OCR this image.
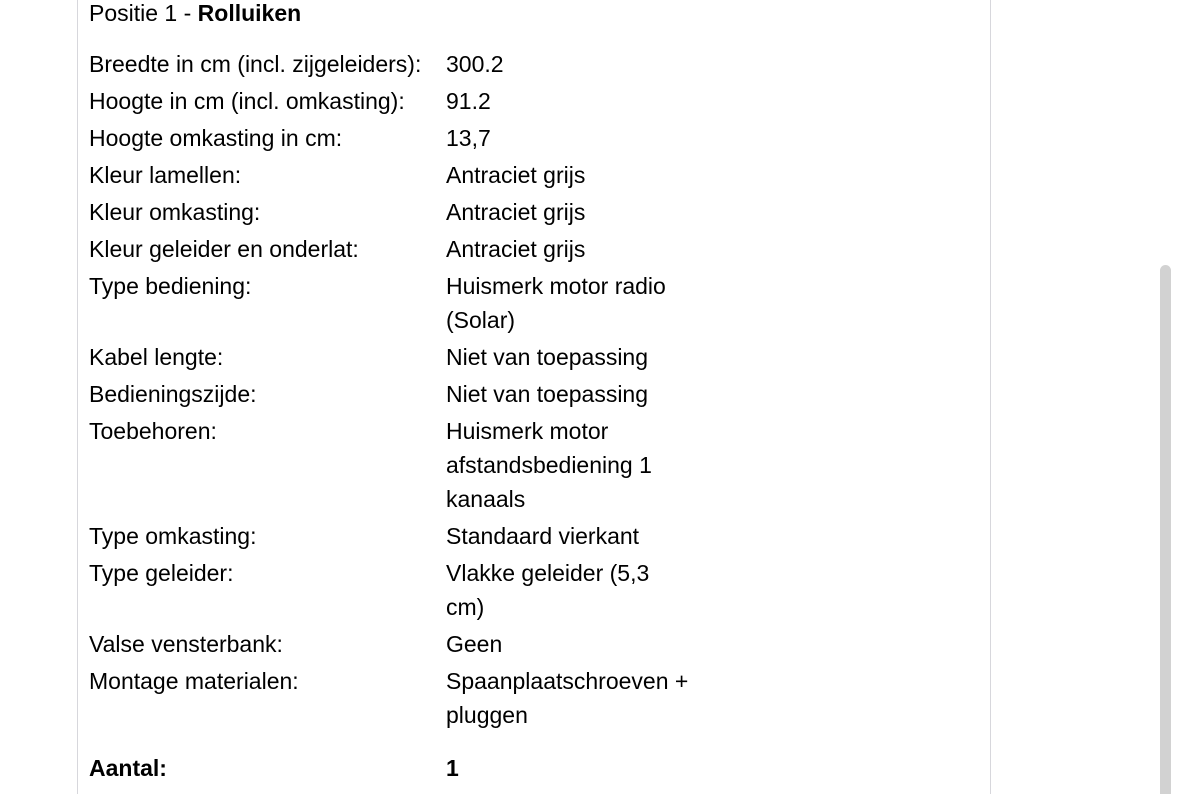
Positie 1 - Rolluiken
Breedte in cm (incl. zijgeleiders):	300.2
Hoogte in cm (incl. omkasting):	91.2
Hoogte omkasting in cm:	13,7
Kleur lamellen:	Antraciet grijs
Kleur omkasting:	Antraciet grijs
Kleur geleider en onderlat:	Antraciet grijs
Type bediening:	Huismerk motor radio (Solar)
Kabel lengte:	Niet van toepassing
Bedieningszijde:	Niet van toepassing
Toebehoren:	Huismerk motor afstandsbediening 1 kanaals
Type omkasting:	Standaard vierkant
Type geleider:	Vlakke geleider (5,3 cm)
Valse vensterbank:	Geen
Montage materialen:	Spaanplaatschroeven + pluggen
Aantal:	1
